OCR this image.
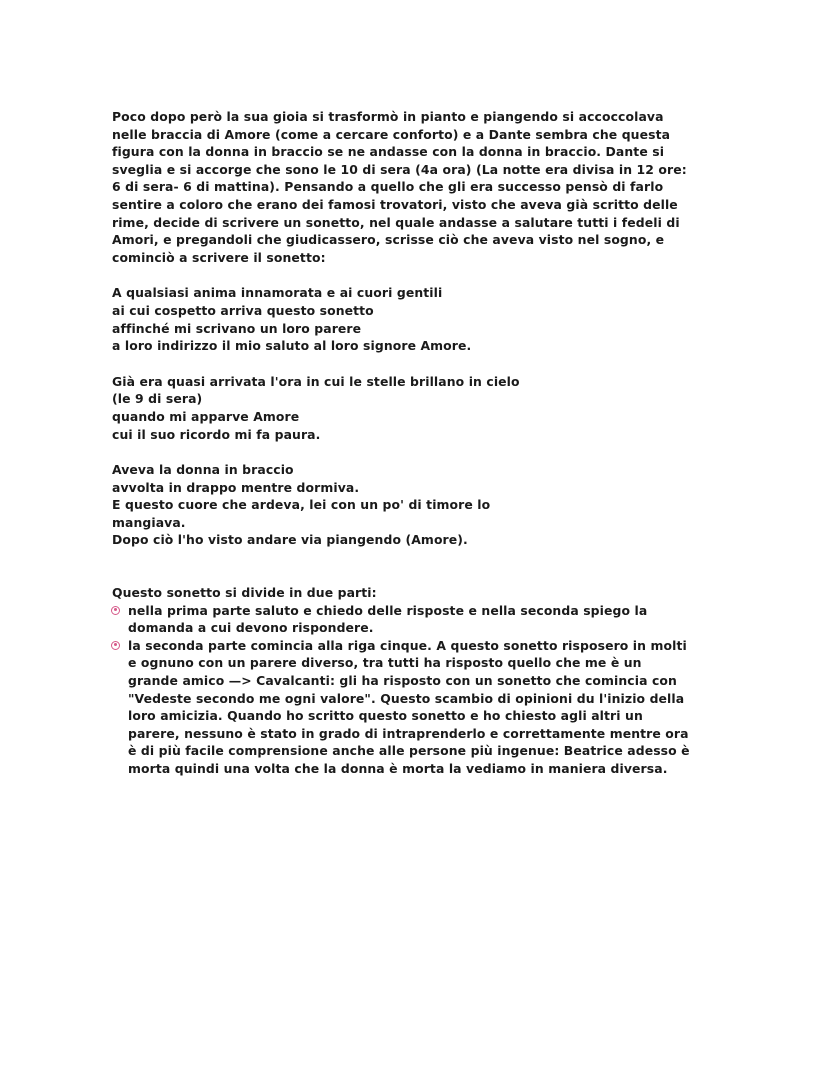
Poco dopo però la sua gioia si trasformò in pianto e piangendo si accoccolava nelle braccia di Amore (come a cercare conforto) e a Dante sembra che questa figura con la donna in braccio se ne andasse con la donna in braccio. Dante si sveglia e si accorge che sono le 10 di sera (4a ora) (La notte era divisa in 12 ore: 6 di sera- 6 di mattina). Pensando a quello che gli era successo pensò di farlo sentire a coloro che erano dei famosi trovatori, visto che aveva già scritto delle rime, decide di scrivere un sonetto, nel quale andasse a salutare tutti i fedeli di Amori, e pregandoli che giudicassero, scrisse ciò che aveva visto nel sogno, e cominciò a scrivere il sonetto:

A qualsiasi anima innamorata e ai cuori gentili
ai cui cospetto arriva questo sonetto
affinché mi scrivano un loro parere
a loro indirizzo il mio saluto al loro signore Amore.
Già era quasi arrivata l'ora in cui le stelle brillano in cielo
(le 9 di sera)
quando mi apparve Amore
cui il suo ricordo mi fa paura.
Aveva la donna in braccio
avvolta in drappo mentre dormiva.
E questo cuore che ardeva, lei con un po' di timore lo
mangiava.
Dopo ciò l'ho visto andare via piangendo (Amore).

Questo sonetto si divide in due parti:

nella prima parte saluto e chiedo delle risposte e nella seconda spiego la domanda a cui devono rispondere.
la seconda parte comincia alla riga cinque. A questo sonetto risposero in molti e ognuno con un parere diverso, tra tutti ha risposto quello che me è un grande amico —> Cavalcanti: gli ha risposto con un sonetto che comincia con "Vedeste secondo me ogni valore". Questo scambio di opinioni du l'inizio della loro amicizia. Quando ho scritto questo sonetto e ho chiesto agli altri un parere, nessuno è stato in grado di intraprenderlo e correttamente mentre ora è di più facile comprensione anche alle persone più ingenue: Beatrice adesso è morta quindi una volta che la donna è morta la vediamo in maniera diversa.
